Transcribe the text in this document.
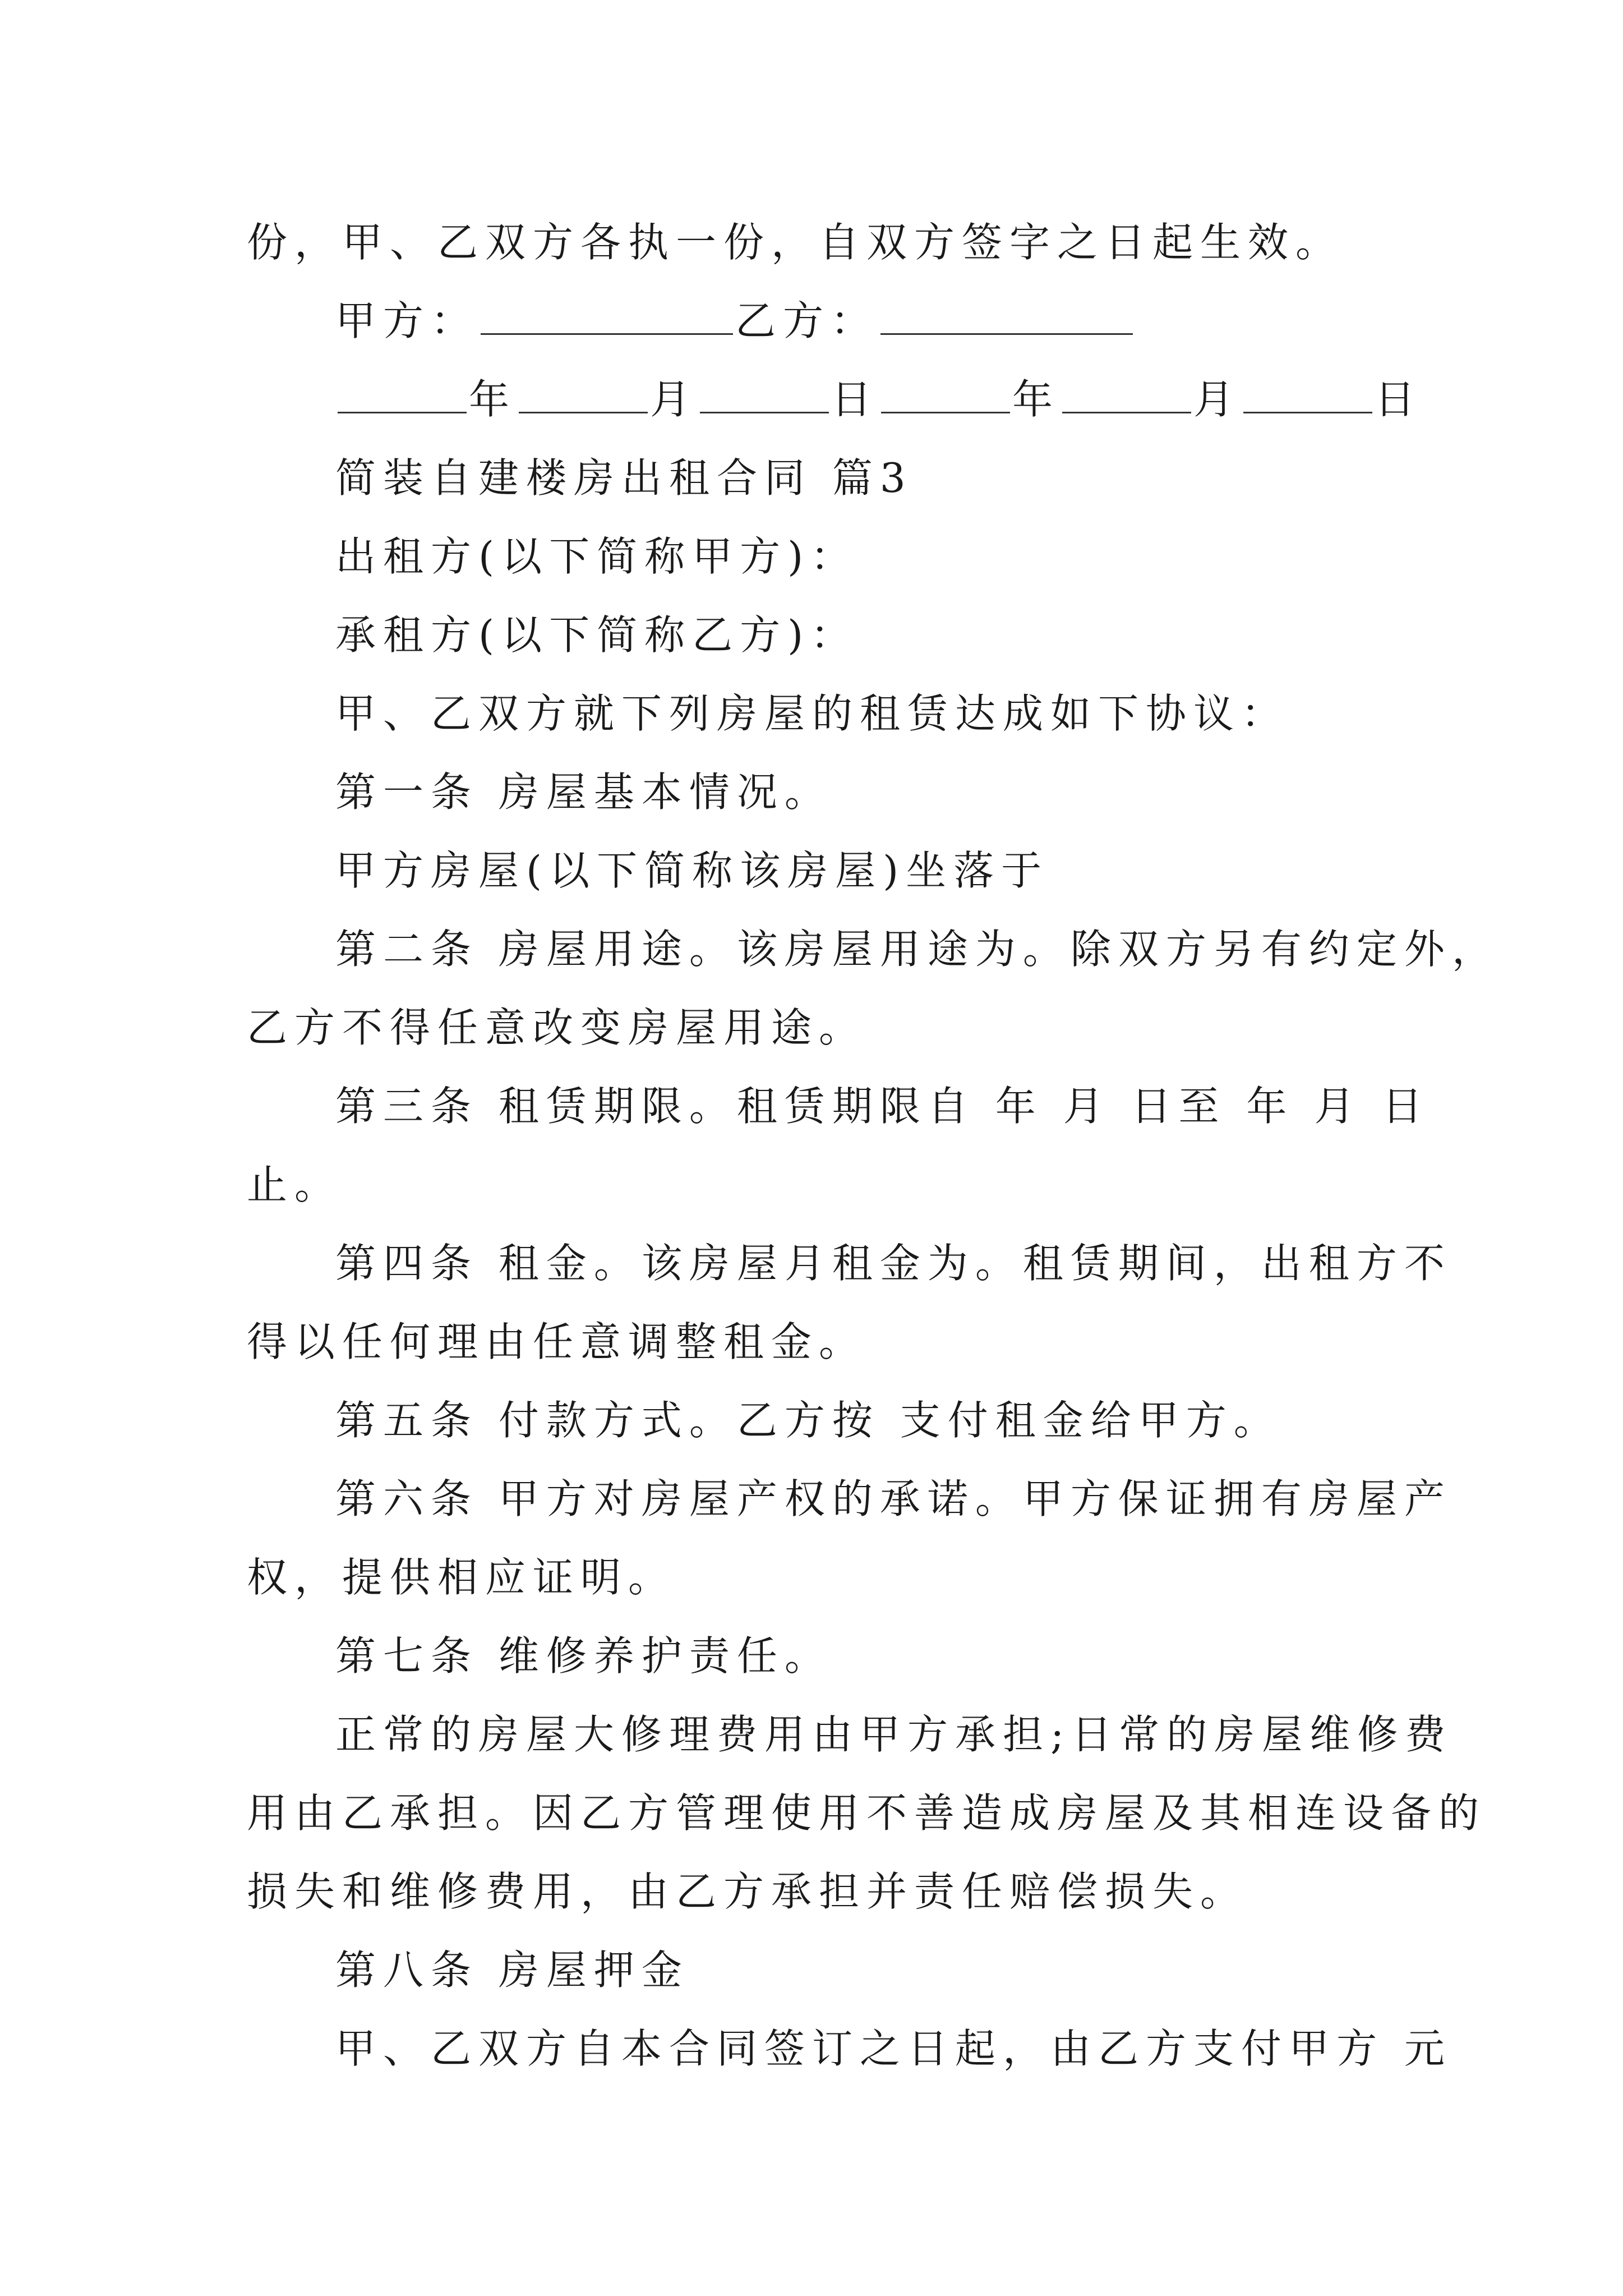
份，甲、乙双方各执一份，自双方签字之日起生效。
甲方：	乙方：
年	月	日	年	月	日
简装自建楼房出租合同 篇3
出租方(以下简称甲方)：
承租方(以下简称乙方)：
甲、乙双方就下列房屋的租赁达成如下协议：
第一条 房屋基本情况。
甲方房屋(以下简称该房屋)坐落于
第二条 房屋用途。该房屋用途为。除双方另有约定外，
乙方不得任意改变房屋用途。
第三条 租赁期限。租赁期限自 年 月 日至 年 月 日
止。
第四条 租金。该房屋月租金为。租赁期间，出租方不
得以任何理由任意调整租金。
第五条 付款方式。乙方按 支付租金给甲方。
第六条 甲方对房屋产权的承诺。甲方保证拥有房屋产
权，提供相应证明。
第七条 维修养护责任。
正常的房屋大修理费用由甲方承担;日常的房屋维修费
用由乙承担。因乙方管理使用不善造成房屋及其相连设备的
损失和维修费用，由乙方承担并责任赔偿损失。
第八条 房屋押金
甲、乙双方自本合同签订之日起，由乙方支付甲方 元
